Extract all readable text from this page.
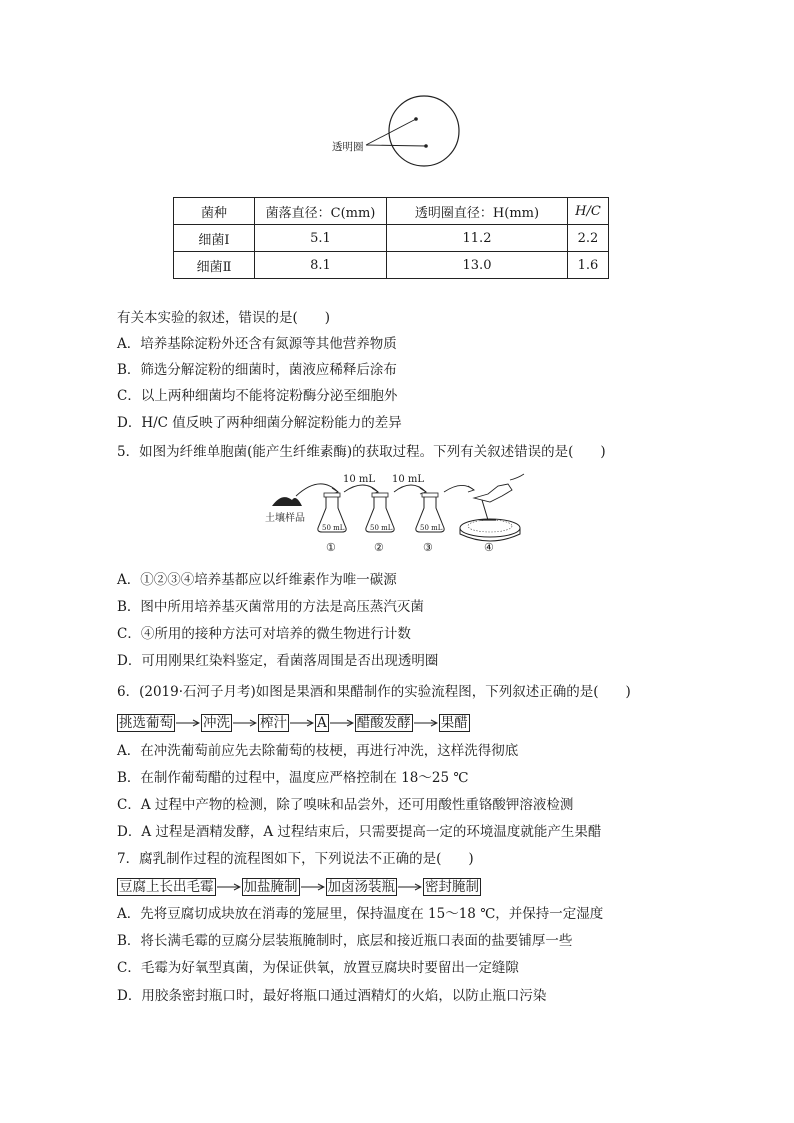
透明圈
菌种	菌落直径：C(mm)	透明圈直径：H(mm)	H/C
细菌Ⅰ	5.1	11.2	2.2
细菌Ⅱ	8.1	13.0	1.6
有关本实验的叙述，错误的是(　　)
A．培养基除淀粉外还含有氮源等其他营养物质
B．筛选分解淀粉的细菌时，菌液应稀释后涂布
C．以上两种细菌均不能将淀粉酶分泌至细胞外
D．H/C 值反映了两种细菌分解淀粉能力的差异
5．如图为纤维单胞菌(能产生纤维素酶)的获取过程。下列有关叙述错误的是(　　)
土壤样品
10 mL 10 mL
50 mL	50 mL	50 mL
①	②	③	④
A．①②③④培养基都应以纤维素作为唯一碳源
B．图中所用培养基灭菌常用的方法是高压蒸汽灭菌
C．④所用的接种方法可对培养的微生物进行计数
D．可用刚果红染料鉴定，看菌落周围是否出现透明圈
6．(2019·石河子月考)如图是果酒和果醋制作的实验流程图，下列叙述正确的是(　　)
挑选葡萄 冲洗 榨汁 A 醋酸发酵 果醋
A．在冲洗葡萄前应先去除葡萄的枝梗，再进行冲洗，这样洗得彻底
B．在制作葡萄醋的过程中，温度应严格控制在 18～25 ℃
C．A 过程中产物的检测，除了嗅味和品尝外，还可用酸性重铬酸钾溶液检测
D．A 过程是酒精发酵，A 过程结束后，只需要提高一定的环境温度就能产生果醋
7．腐乳制作过程的流程图如下，下列说法不正确的是(　　)
豆腐上长出毛霉 加盐腌制 加卤汤装瓶 密封腌制
A．先将豆腐切成块放在消毒的笼屉里，保持温度在 15～18 ℃，并保持一定湿度
B．将长满毛霉的豆腐分层装瓶腌制时，底层和接近瓶口表面的盐要铺厚一些
C．毛霉为好氧型真菌，为保证供氧，放置豆腐块时要留出一定缝隙
D．用胶条密封瓶口时，最好将瓶口通过酒精灯的火焰，以防止瓶口污染
